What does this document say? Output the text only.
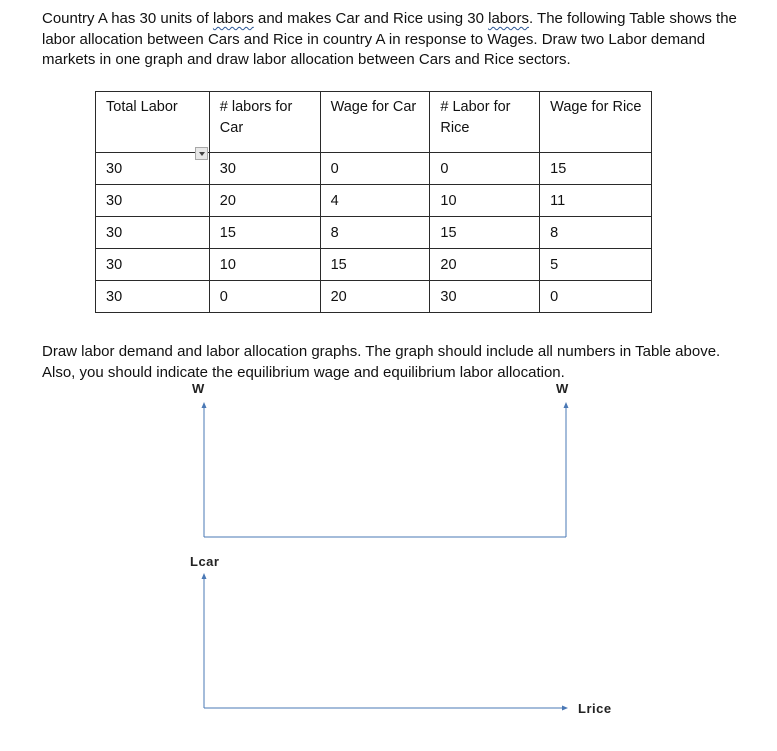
Country A has 30 units of labors and makes Car and Rice using 30 labors. The following Table shows the labor allocation between Cars and Rice in country A in response to Wages. Draw two Labor demand markets in one graph and draw labor allocation between Cars and Rice sectors.

Total Labor	# labors for Car	Wage for Car	# Labor for Rice	Wage for Rice
30	30	0	0	15
30	20	4	10	11
30	15	8	15	8
30	10	15	20	5
30	0	20	30	0

Draw labor demand and labor allocation graphs. The graph should include all numbers in Table above. Also, you should indicate the equilibrium wage and equilibrium labor allocation.

W	W
Lcar
Lrice
